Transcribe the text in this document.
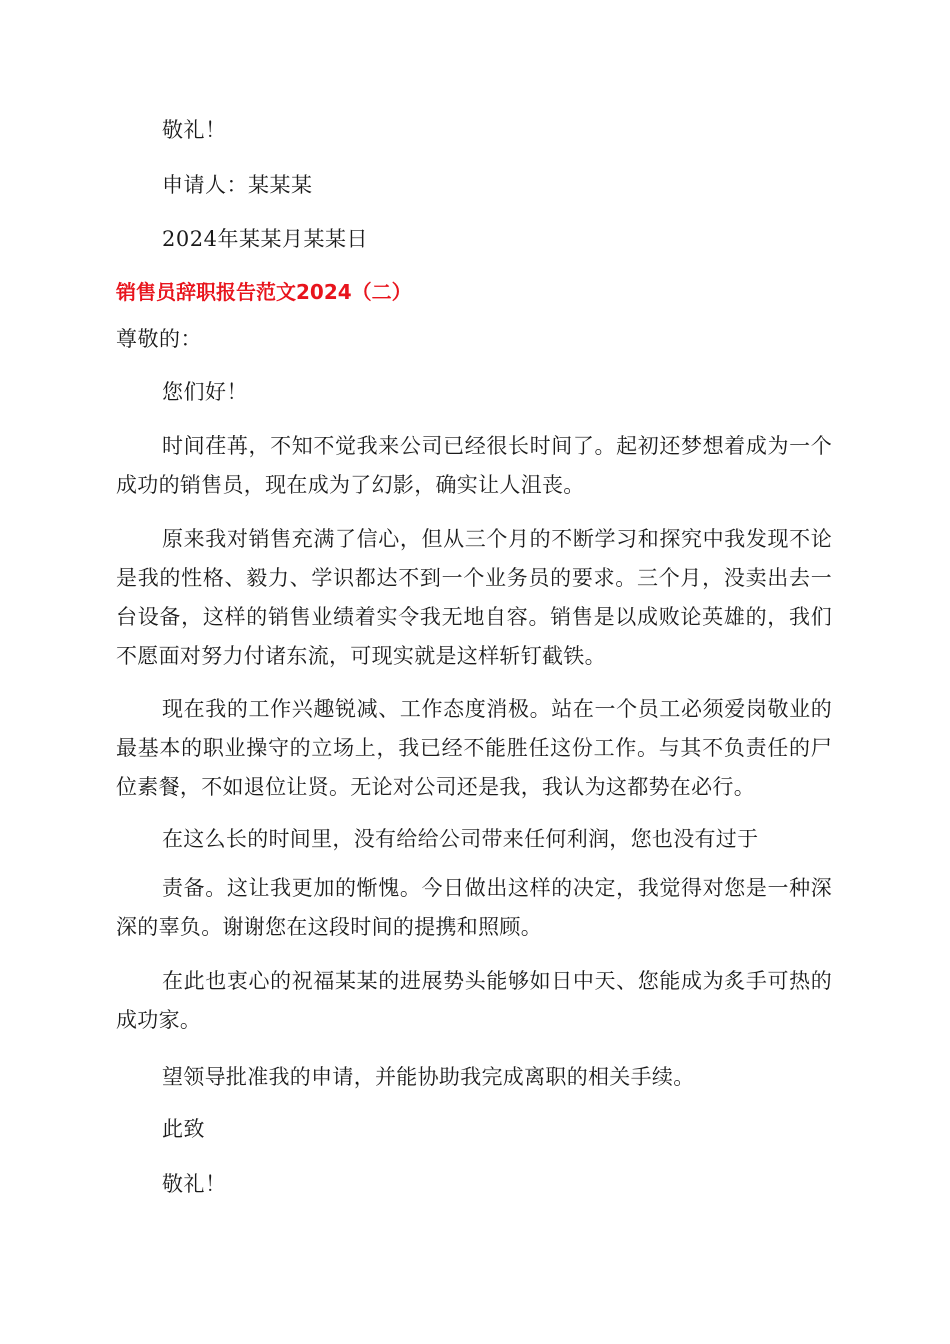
敬礼！
申请人：某某某
2024年某某月某某日
销售员辞职报告范文2024（二）
尊敬的：
您们好！

时间荏苒，不知不觉我来公司已经很长时间了。起初还梦想着成为一个成功的销售员，现在成为了幻影，确实让人沮丧。

原来我对销售充满了信心，但从三个月的不断学习和探究中我发现不论是我的性格、毅力、学识都达不到一个业务员的要求。三个月，没卖出去一台设备，这样的销售业绩着实令我无地自容。销售是以成败论英雄的，我们不愿面对努力付诸东流，可现实就是这样斩钉截铁。

现在我的工作兴趣锐减、工作态度消极。站在一个员工必须爱岗敬业的最基本的职业操守的立场上，我已经不能胜任这份工作。与其不负责任的尸位素餐，不如退位让贤。无论对公司还是我，我认为这都势在必行。

在这么长的时间里，没有给给公司带来任何利润，您也没有过于

责备。这让我更加的惭愧。今日做出这样的决定，我觉得对您是一种深深的辜负。谢谢您在这段时间的提携和照顾。

在此也衷心的祝福某某的进展势头能够如日中天、您能成为炙手可热的成功家。

望领导批准我的申请，并能协助我完成离职的相关手续。

此致
敬礼！
